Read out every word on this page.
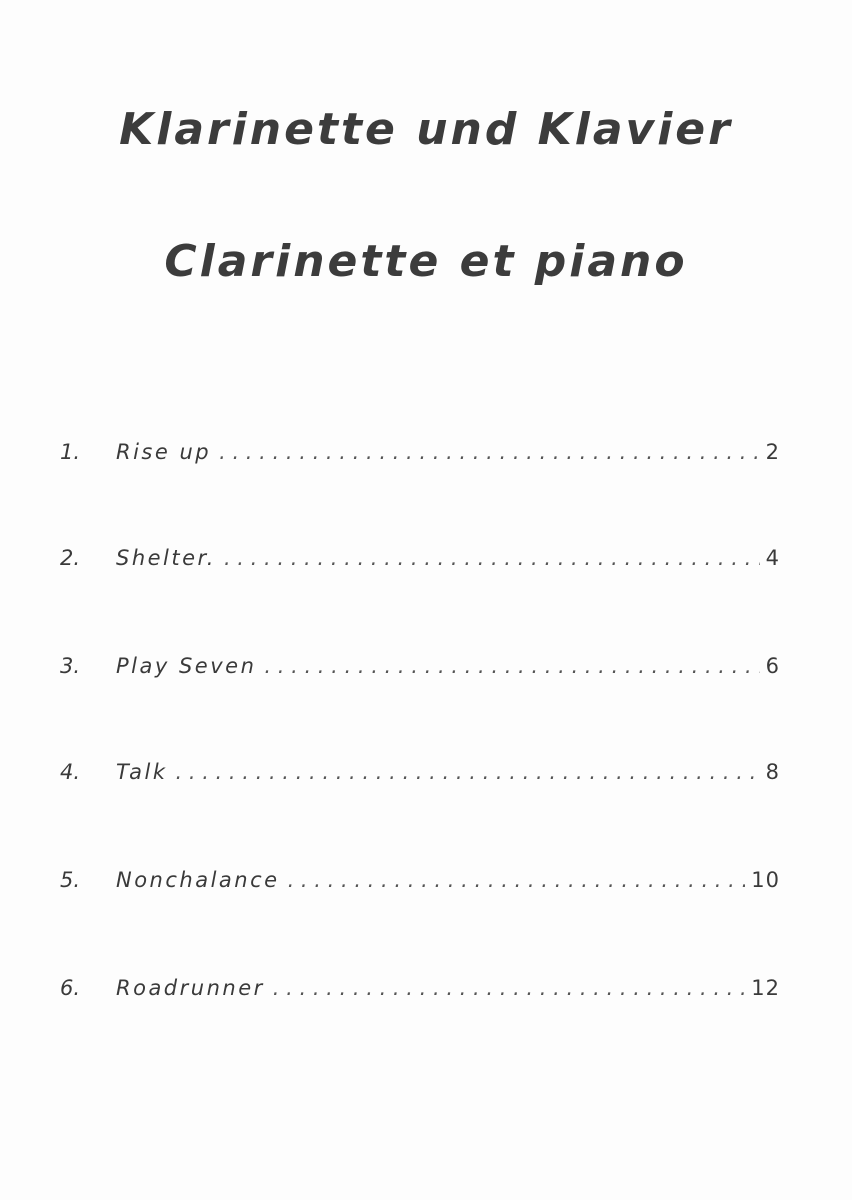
Klarinette und Klavier
Clarinette et piano
1.	Rise up . . .	2
2.	Shelter. . . .	4
3.	Play Seven . . .	6
4.	Talk . . .	8
5.	Nonchalance . . .	10
6.	Roadrunner . . .	12
